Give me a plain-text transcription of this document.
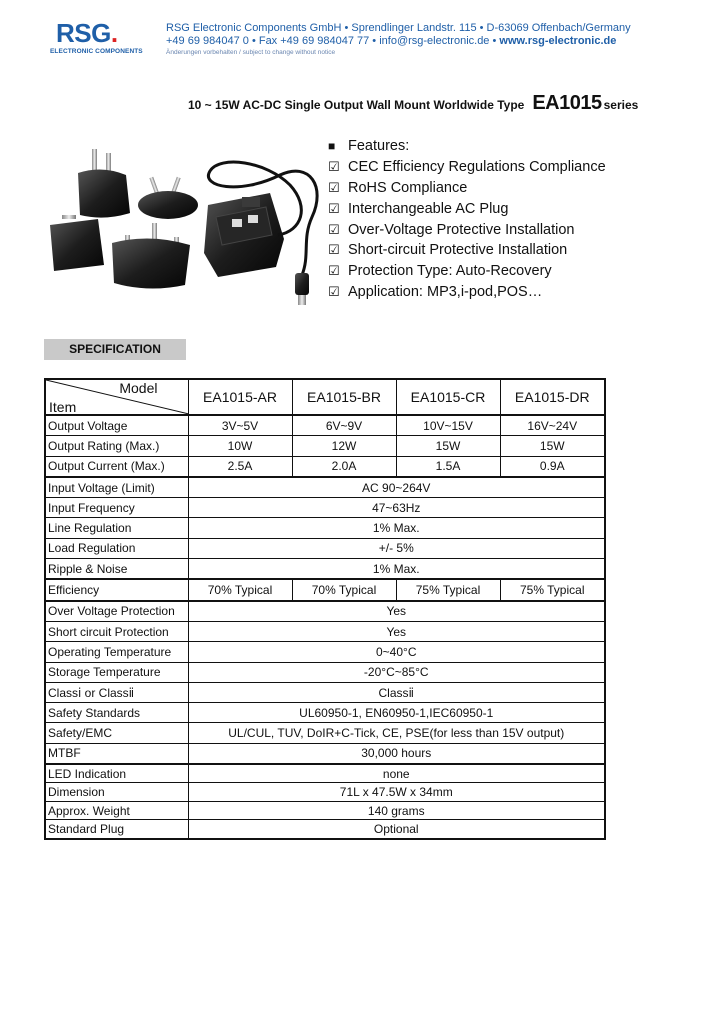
RSG.
ELECTRONIC COMPONENTS
RSG Electronic Components GmbH • Sprendlinger Landstr. 115 • D-63069 Offenbach/Germany
+49 69 984047 0 • Fax +49 69 984047 77 • info@rsg-electronic.de • www.rsg-electronic.de
Änderungen vorbehalten / subject to change without notice
10 ~ 15W AC-DC Single Output Wall Mount Worldwide Type EA1015 series
■ Features:
☑ CEC Efficiency Regulations Compliance
☑ RoHS Compliance
☑ Interchangeable AC Plug
☑ Over-Voltage Protective Installation
☑ Short-circuit Protective Installation
☑ Protection Type: Auto-Recovery
☑ Application: MP3,i-pod,POS…
SPECIFICATION
Model
Item	EA1015-AR	EA1015-BR	EA1015-CR	EA1015-DR
Output Voltage	3V~5V	6V~9V	10V~15V	16V~24V
Output Rating (Max.)	10W	12W	15W	15W
Output Current (Max.)	2.5A	2.0A	1.5A	0.9A
Input Voltage (Limit)	AC 90~264V			
Input Frequency	47~63Hz			
Line Regulation	1% Max.			
Load Regulation	+/- 5%			
Ripple & Noise	1% Max.			
Efficiency	70% Typical	70% Typical	75% Typical	75% Typical
Over Voltage Protection	Yes			
Short circuit Protection	Yes			
Operating Temperature	0~40°C			
Storage Temperature	-20°C~85°C			
Classⅰ or Classⅱ	Classⅱ			
Safety Standards	UL60950-1, EN60950-1,IEC60950-1			
Safety/EMC	UL/CUL, TUV, DoIR+C-Tick, CE, PSE(for less than 15V output)			
MTBF	30,000 hours			
LED Indication	none			
Dimension	71L x 47.5W x 34mm			
Approx. Weight	140 grams			
Standard Plug	Optional			
